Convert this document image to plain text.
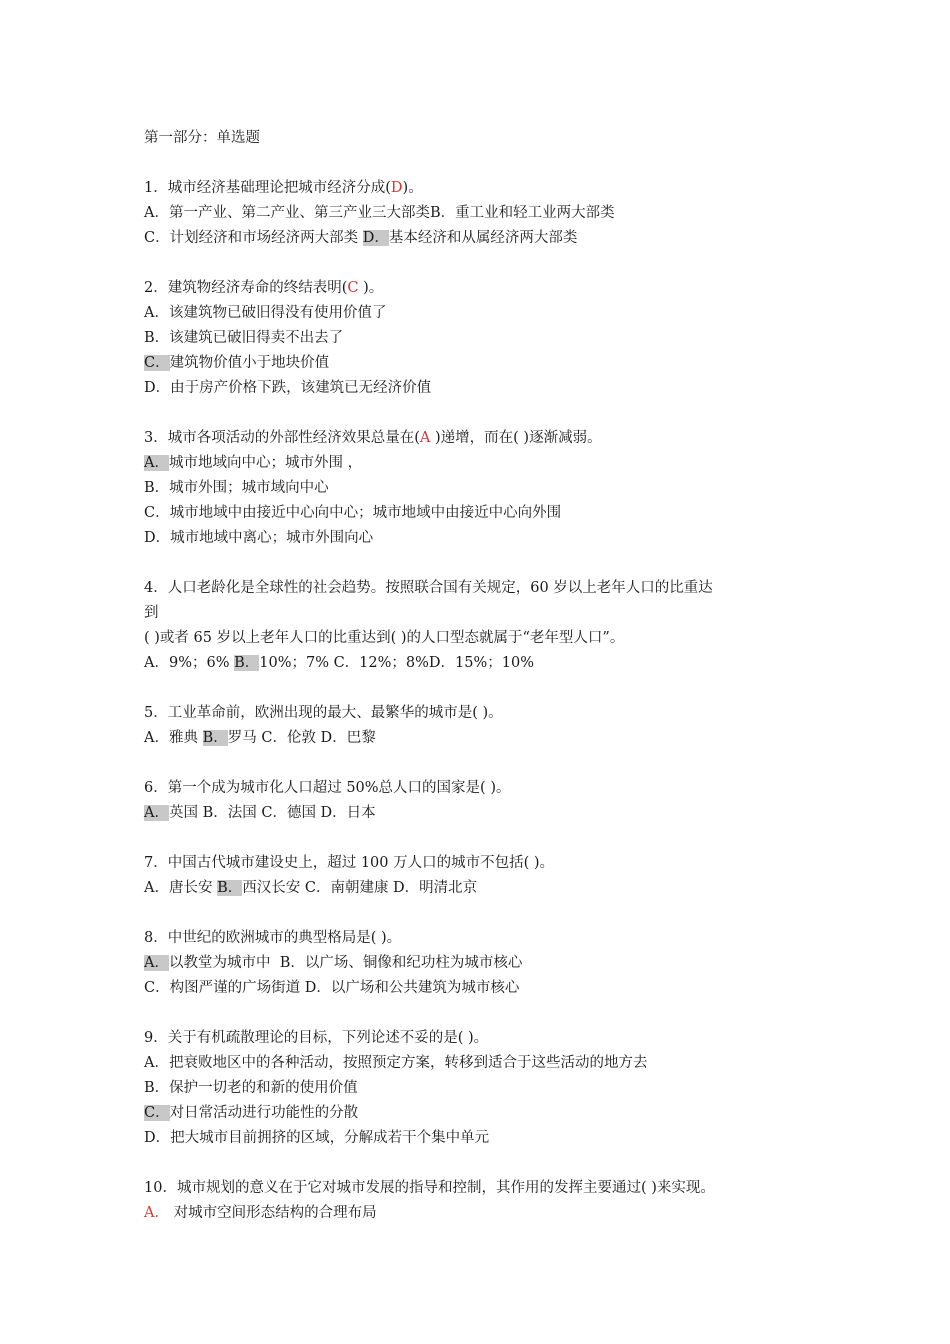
第一部分：单选题
1．城市经济基础理论把城市经济分成(D)。
A．第一产业、第二产业、第三产业三大部类B．重工业和轻工业两大部类
C．计划经济和市场经济两大部类 D．基本经济和从属经济两大部类
2．建筑物经济寿命的终结表明(C )。
A．该建筑物已破旧得没有使用价值了
B．该建筑已破旧得卖不出去了
C．建筑物价值小于地块价值
D．由于房产价格下跌，该建筑已无经济价值
3．城市各项活动的外部性经济效果总量在(A )递增，而在( )逐渐减弱。
A．城市地域向中心；城市外围 ，
B．城市外围；城市域向中心
C．城市地域中由接近中心向中心；城市地域中由接近中心向外围
D．城市地域中离心；城市外围向心
4．人口老龄化是全球性的社会趋势。按照联合国有关规定，60 岁以上老年人口的比重达
到
( )或者 65 岁以上老年人口的比重达到( )的人口型态就属于“老年型人口”。
A．9%；6% B．10%；7% C．12%；8%D．15%；10%
5．工业革命前，欧洲出现的最大、最繁华的城市是( )。
A．雅典 B．罗马 C．伦敦 D．巴黎
6．第一个成为城市化人口超过 50%总人口的国家是( )。
A．英国 B．法国 C．德国 D．日本
7．中国古代城市建设史上，超过 100 万人口的城市不包括( )。
A．唐长安 B．西汉长安 C．南朝建康 D．明清北京
8．中世纪的欧洲城市的典型格局是( )。
A．以教堂为城市中  B．以广场、铜像和纪功柱为城市核心
C．构图严谨的广场街道 D．以广场和公共建筑为城市核心
9．关于有机疏散理论的目标，下列论述不妥的是( )。
A．把衰败地区中的各种活动，按照预定方案，转移到适合于这些活动的地方去
B．保护一切老的和新的使用价值
C．对日常活动进行功能性的分散
D．把大城市目前拥挤的区域，分解成若干个集中单元
10．城市规划的意义在于它对城市发展的指导和控制，其作用的发挥主要通过( )来实现。
A． 对城市空间形态结构的合理布局
